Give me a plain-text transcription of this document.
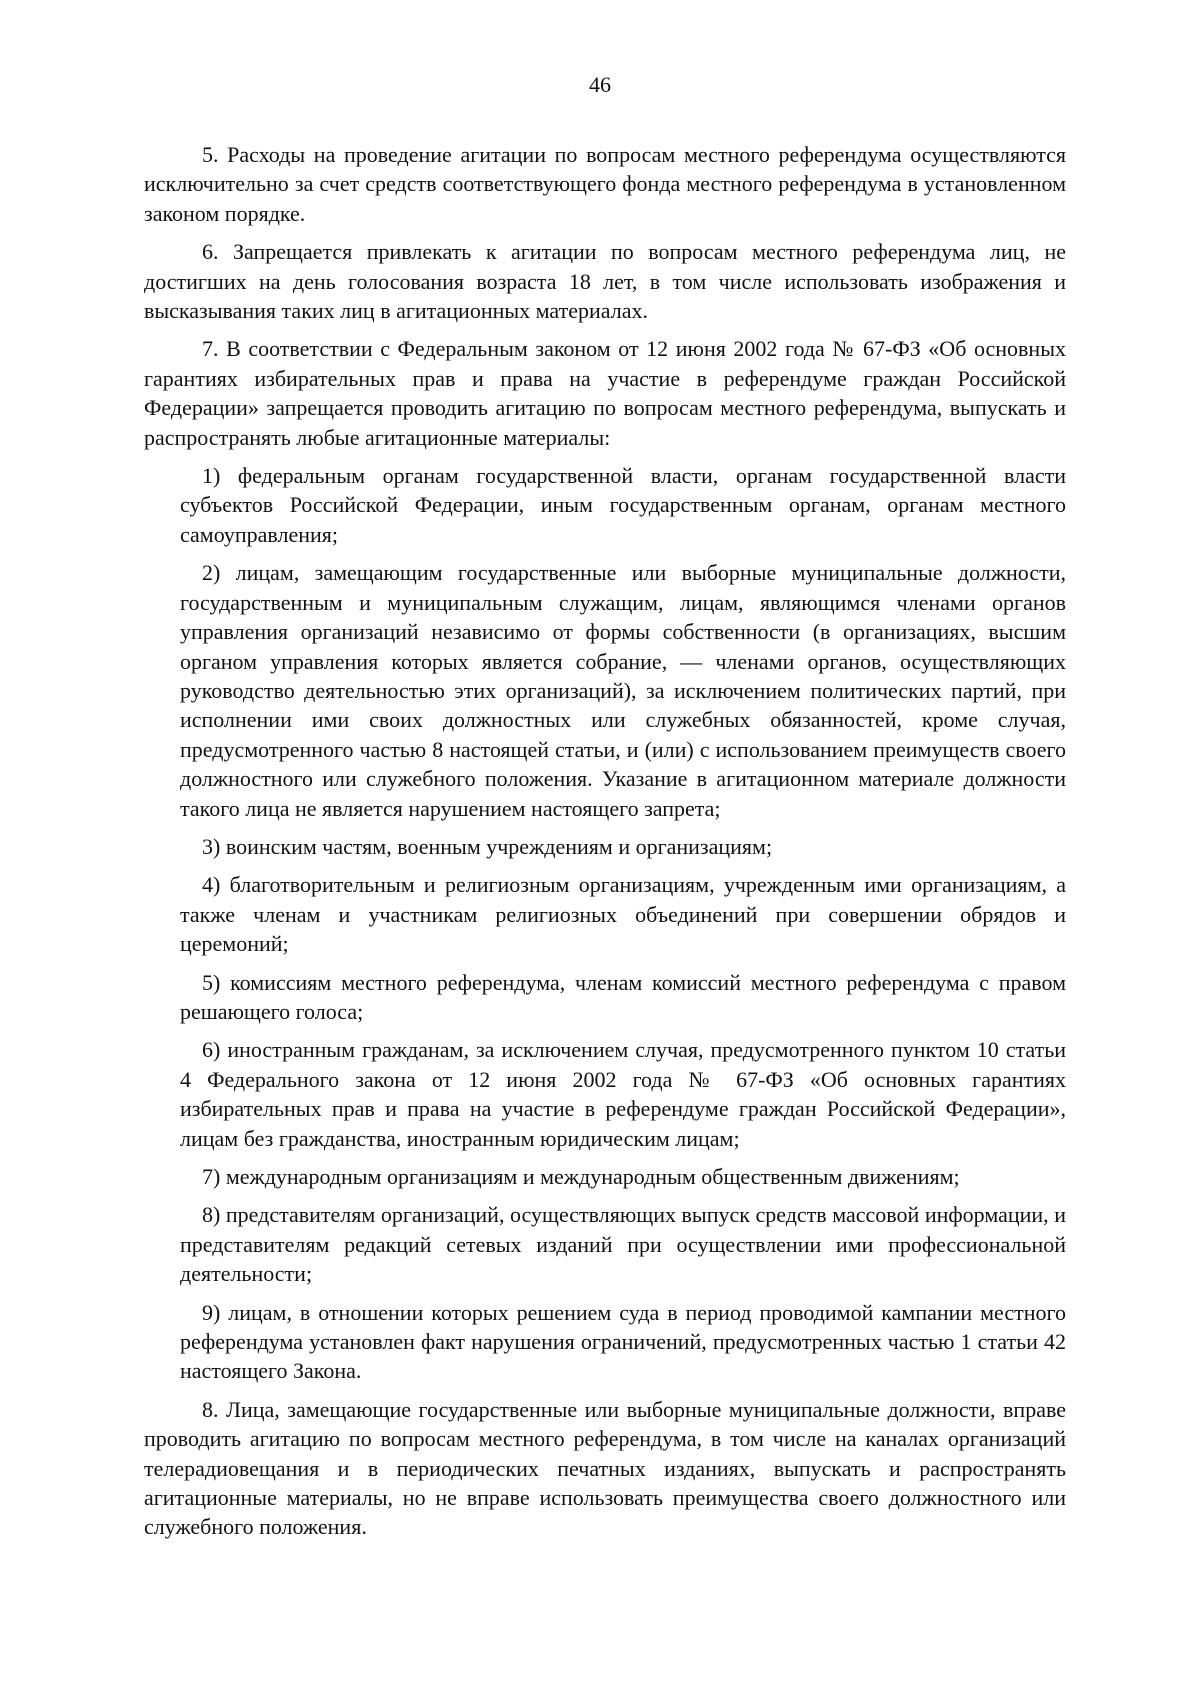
46

5. Расходы на проведение агитации по вопросам местного референдума осуществляются исключительно за счет средств соответствующего фонда местного референдума в установленном законом порядке.

6. Запрещается привлекать к агитации по вопросам местного референдума лиц, не достигших на день голосования возраста 18 лет, в том числе использовать изображения и высказывания таких лиц в агитационных материалах.

7. В соответствии с Федеральным законом от 12 июня 2002 года № 67-ФЗ «Об основных гарантиях избирательных прав и права на участие в референдуме граждан Российской Федерации» запрещается проводить агитацию по вопросам местного референдума, выпускать и распространять любые агитационные материалы:

1) федеральным органам государственной власти, органам государственной власти субъектов Российской Федерации, иным государственным органам, органам местного самоуправления;

2) лицам, замещающим государственные или выборные муниципальные должности, государственным и муниципальным служащим, лицам, являющимся членами органов управления организаций независимо от формы собственности (в организациях, высшим органом управления которых является собрание, — членами органов, осуществляющих руководство деятельностью этих организаций), за исключением политических партий, при исполнении ими своих должностных или служебных обязанностей, кроме случая, предусмотренного частью 8 настоящей статьи, и (или) с использованием преимуществ своего должностного или служебного положения. Указание в агитационном материале должности такого лица не является нарушением настоящего запрета;

3) воинским частям, военным учреждениям и организациям;

4) благотворительным и религиозным организациям, учрежденным ими организациям, а также членам и участникам религиозных объединений при совершении обрядов и церемоний;

5) комиссиям местного референдума, членам комиссий местного референдума с правом решающего голоса;

6) иностранным гражданам, за исключением случая, предусмотренного пунктом 10 статьи 4 Федерального закона от 12 июня 2002 года № 67-ФЗ «Об основных гарантиях избирательных прав и права на участие в референдуме граждан Российской Федерации», лицам без гражданства, иностранным юридическим лицам;

7) международным организациям и международным общественным движениям;

8) представителям организаций, осуществляющих выпуск средств массовой информации, и представителям редакций сетевых изданий при осуществлении ими профессиональной деятельности;

9) лицам, в отношении которых решением суда в период проводимой кампании местного референдума установлен факт нарушения ограничений, предусмотренных частью 1 статьи 42 настоящего Закона.

8. Лица, замещающие государственные или выборные муниципальные должности, вправе проводить агитацию по вопросам местного референдума, в том числе на каналах организаций телерадиовещания и в периодических печатных изданиях, выпускать и распространять агитационные материалы, но не вправе использовать преимущества своего должностного или служебного положения.
